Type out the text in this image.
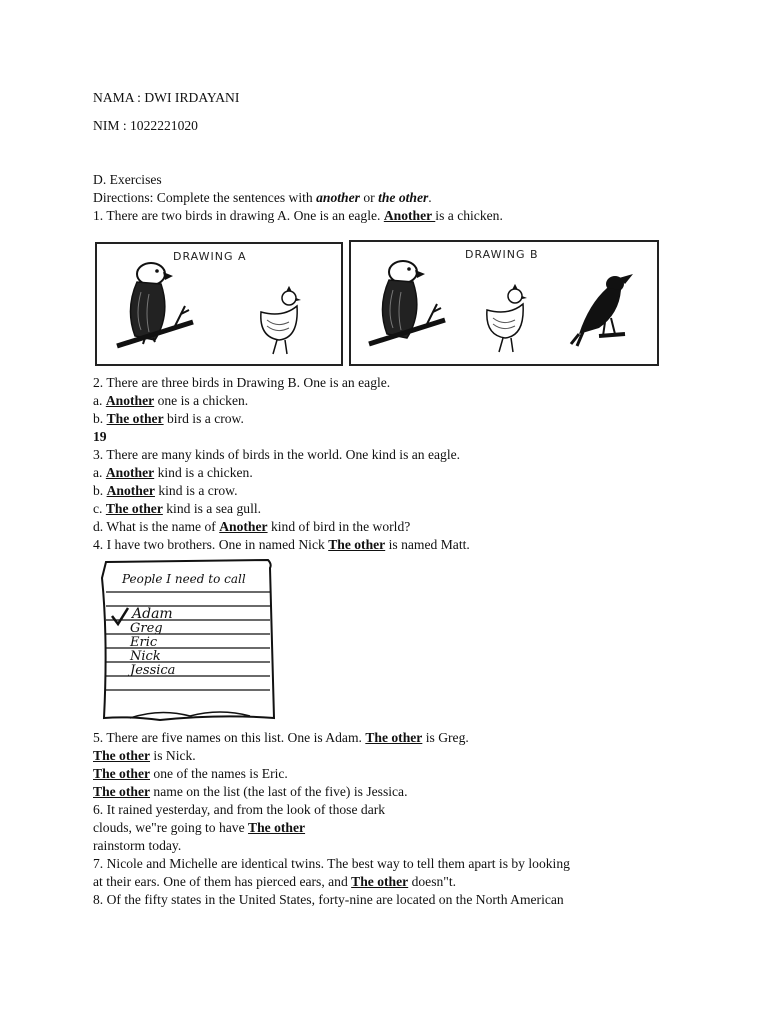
NAMA : DWI IRDAYANI
NIM : 1022221020
D. Exercises
Directions: Complete the sentences with another or the other.
1. There are two birds in drawing A. One is an eagle. Another is a chicken.
DRAWING A	DRAWING B
2. There are three birds in Drawing B. One is an eagle.
a. Another one is a chicken.
b. The other bird is a crow.
19
3. There are many kinds of birds in the world. One kind is an eagle.
a. Another kind is a chicken.
b. Another kind is a crow.
c. The other kind is a sea gull.
d. What is the name of Another kind of bird in the world?
4. I have two brothers. One in named Nick The other is named Matt.
People I need to call
Adam
Greg
Eric
Nick
Jessica
5. There are five names on this list. One is Adam. The other is Greg.
The other is Nick.
The other one of the names is Eric.
The other name on the list (the last of the five) is Jessica.
6. It rained yesterday, and from the look of those dark
clouds, we"re going to have The other
rainstorm today.
7. Nicole and Michelle are identical twins. The best way to tell them apart is by looking
at their ears. One of them has pierced ears, and The other doesn"t.
8. Of the fifty states in the United States, forty-nine are located on the North American
